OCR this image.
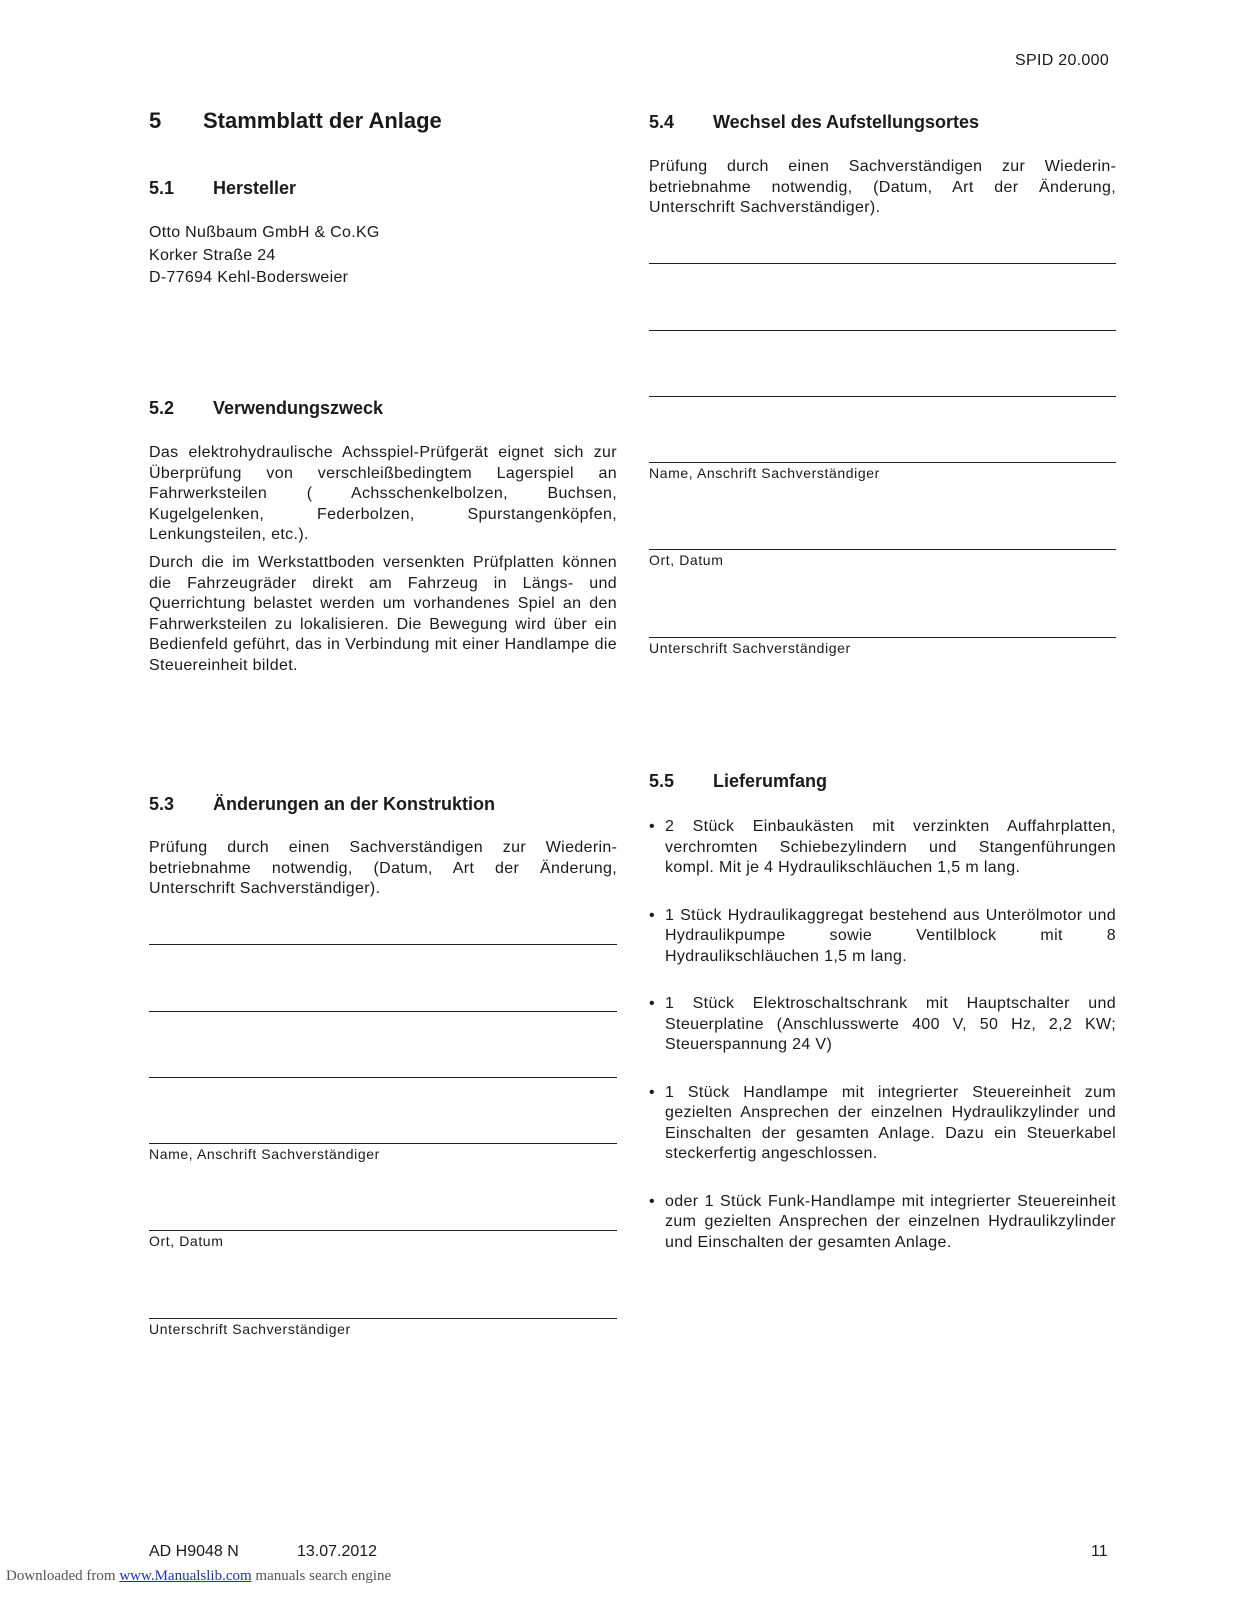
SPID 20.000
5 Stammblatt der Anlage
5.1 Hersteller
Otto Nußbaum GmbH & Co.KG
Korker Straße 24
D-77694 Kehl-Bodersweier
5.2 Verwendungszweck
Das elektrohydraulische Achsspiel-Prüfgerät eignet sich zur Überprüfung von verschleißbedingtem Lagerspiel an Fahrwerksteilen ( Achsschenkelbolzen, Buchsen, Kugelgelenken, Federbolzen, Spurstangenköpfen, Lenkungsteilen, etc.).
Durch die im Werkstattboden versenkten Prüfplatten können die Fahrzeugräder direkt am Fahrzeug in Längs- und Querrichtung belastet werden um vorhandenes Spiel an den Fahrwerksteilen zu lokalisieren. Die Bewegung wird über ein Bedienfeld geführt, das in Verbindung mit einer Handlampe die Steuereinheit bildet.
5.3 Änderungen an der Konstruktion
Prüfung durch einen Sachverständigen zur Wiederinbetriebnahme notwendig, (Datum, Art der Änderung, Unterschrift Sachverständiger).
Name, Anschrift Sachverständiger
Ort, Datum
Unterschrift Sachverständiger
5.4 Wechsel des Aufstellungsortes
Prüfung durch einen Sachverständigen zur Wiederinbetriebnahme notwendig, (Datum, Art der Änderung, Unterschrift Sachverständiger).
Name, Anschrift Sachverständiger
Ort, Datum
Unterschrift Sachverständiger
5.5 Lieferumfang
• 2 Stück Einbaukästen mit verzinkten Auffahrplatten, verchromten Schiebezylindern und Stangenführungen kompl. Mit je 4 Hydraulikschläuchen 1,5 m lang.
• 1 Stück Hydraulikaggregat bestehend aus Unterölmotor und Hydraulikpumpe sowie Ventilblock mit 8 Hydraulikschläuchen 1,5 m lang.
• 1 Stück Elektroschaltschrank mit Hauptschalter und Steuerplatine (Anschlusswerte 400 V, 50 Hz, 2,2 KW; Steuerspannung 24 V)
• 1 Stück Handlampe mit integrierter Steuereinheit zum gezielten Ansprechen der einzelnen Hydraulikzylinder und Einschalten der gesamten Anlage. Dazu ein Steuerkabel steckerfertig angeschlossen.
• oder 1 Stück Funk-Handlampe mit integrierter Steuereinheit zum gezielten Ansprechen der einzelnen Hydraulikzylinder und Einschalten der gesamten Anlage.
AD H9048 N	13.07.2012	11
Downloaded from www.Manualslib.com manuals search engine
